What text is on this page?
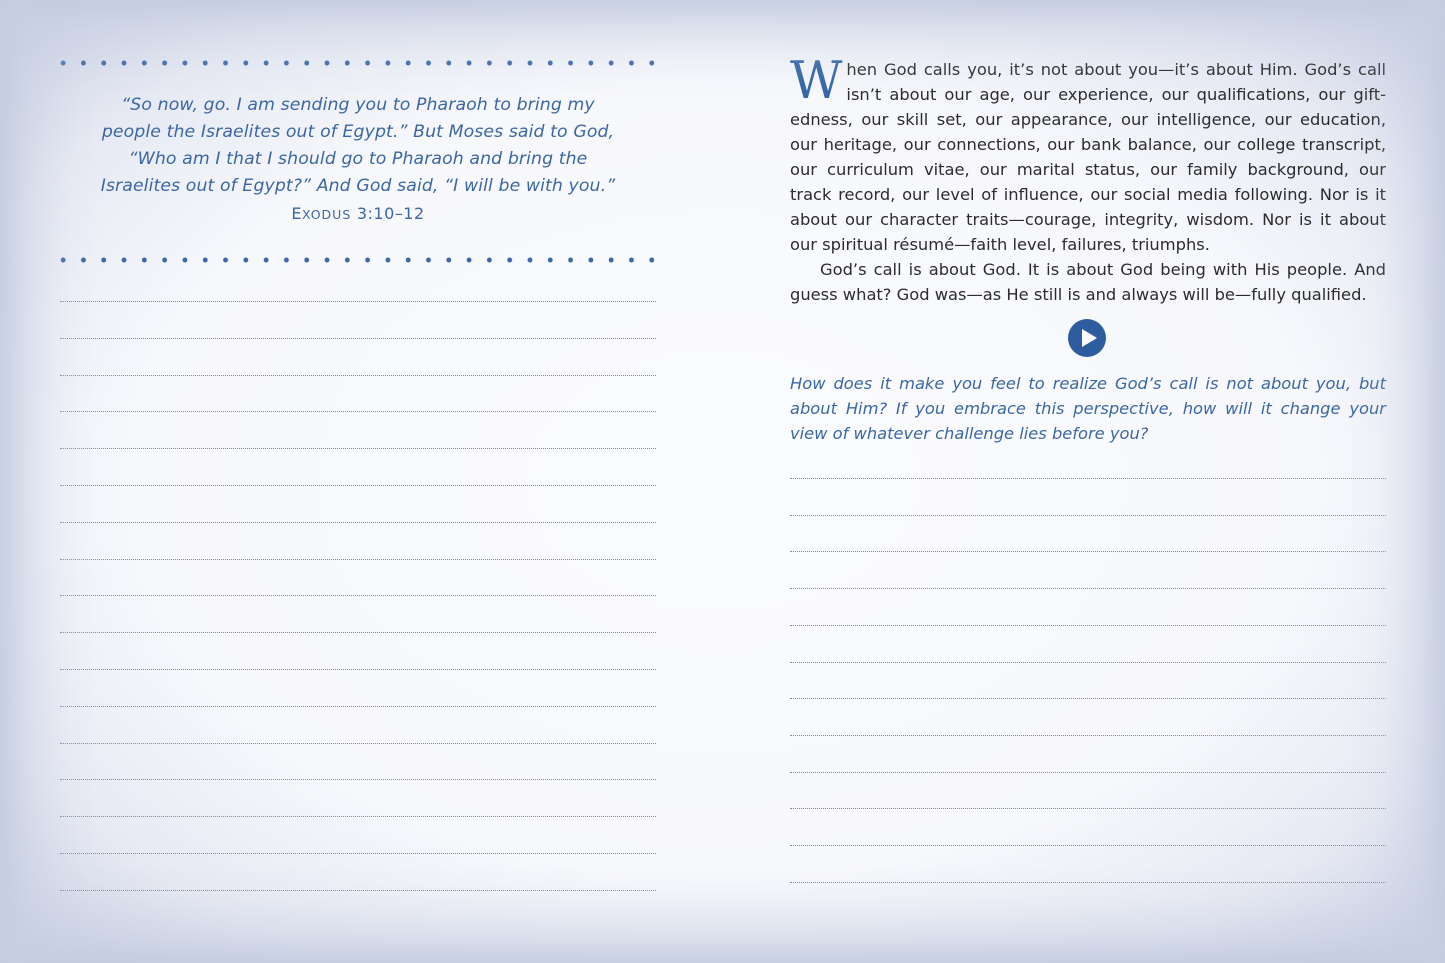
“So now, go. I am sending you to Pharaoh to bring my
people the Israelites out of Egypt.” But Moses said to God,
“Who am I that I should go to Pharaoh and bring the
Israelites out of Egypt?” And God said, “I will be with you.”
EXODUS 3:10–12

When God calls you, it’s not about you—it’s about Him. God’s call isn’t about our age, our experience, our qualifications, our giftedness, our skill set, our appearance, our intelligence, our education, our heritage, our connections, our bank balance, our college transcript, our curriculum vitae, our marital status, our family background, our track record, our level of influence, our social media following. Nor is it about our character traits—courage, integrity, wisdom. Nor is it about our spiritual résumé—faith level, failures, triumphs.

God’s call is about God. It is about God being with His people. And guess what? God was—as He still is and always will be—fully qualified.

How does it make you feel to realize God’s call is not about you, but about Him? If you embrace this perspective, how will it change your view of whatever challenge lies before you?
